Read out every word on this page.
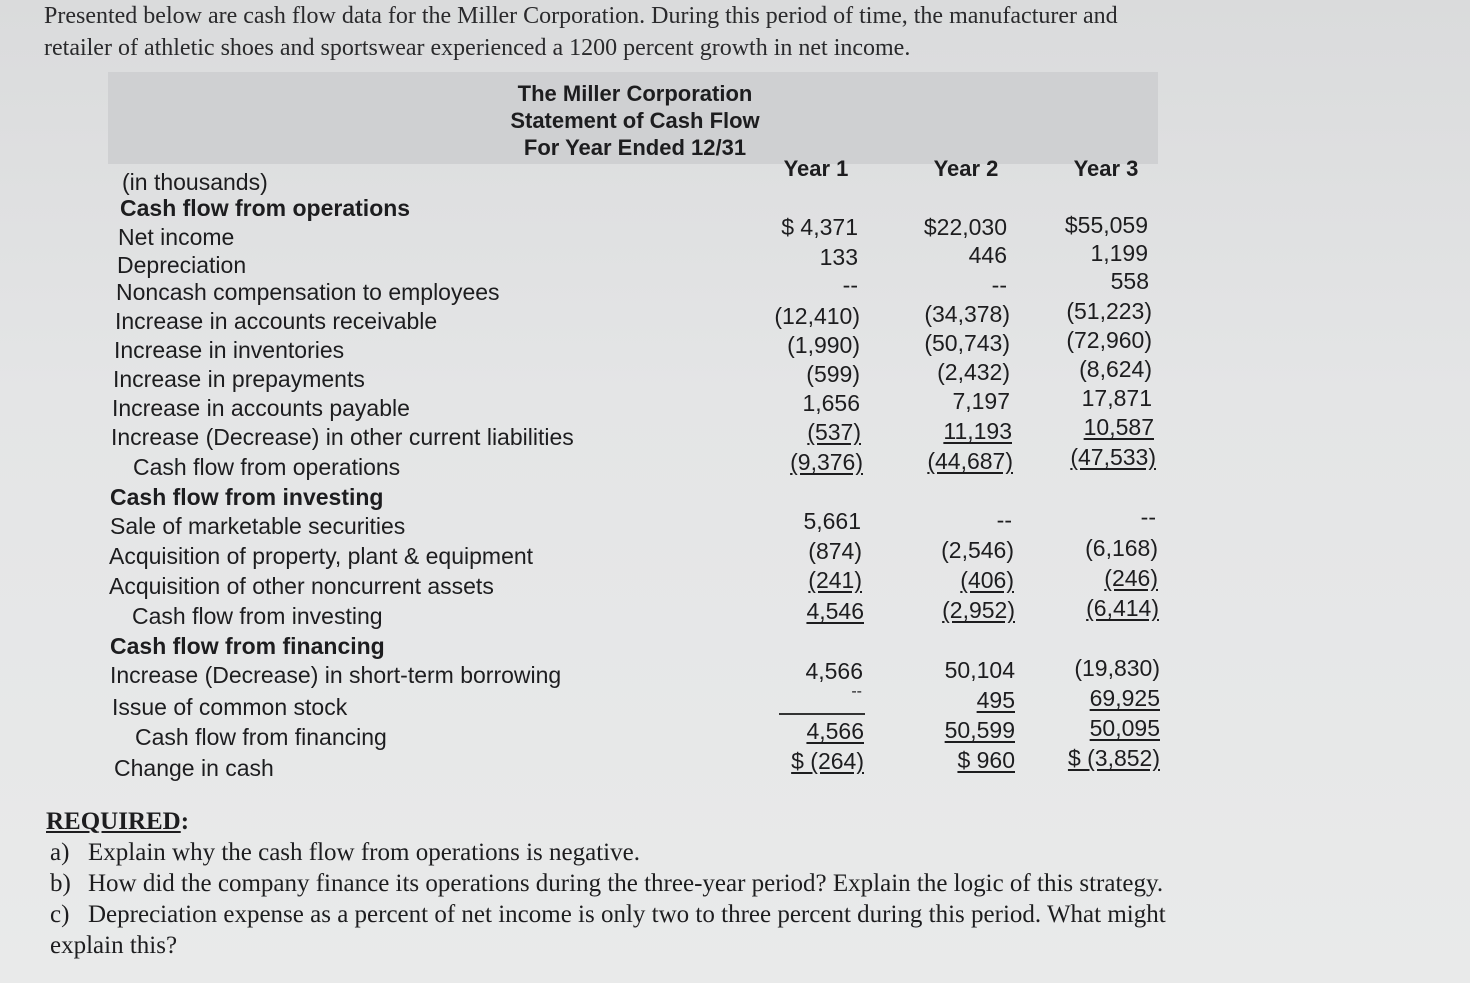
Presented below are cash flow data for the Miller Corporation. During this period of time, the manufacturer and
retailer of athletic shoes and sportswear experienced a 1200 percent growth in net income.
The Miller Corporation
Statement of Cash Flow
For Year Ended 12/31
Year 1	Year 2	Year 3
(in thousands)
Cash flow from operations
Net income
Depreciation
Noncash compensation to employees
Increase in accounts receivable
Increase in inventories
Increase in prepayments
Increase in accounts payable
Increase (Decrease) in other current liabilities
Cash flow from operations
Cash flow from investing
Sale of marketable securities
Acquisition of property, plant & equipment
Acquisition of other noncurrent assets
Cash flow from investing
Cash flow from financing
Increase (Decrease) in short-term borrowing
Issue of common stock
Cash flow from financing
Change in cash
$ 4,371
133
--
(12,410)
(1,990)
(599)
1,656
(537)
(9,376)
5,661
(874)
(241)
4,546
4,566
--
4,566
$ (264)
$22,030
446
--
(34,378)
(50,743)
(2,432)
7,197
11,193
(44,687)
--
(2,546)
(406)
(2,952)
50,104
495
50,599
$ 960
$55,059
1,199
558
(51,223)
(72,960)
(8,624)
17,871
10,587
(47,533)
--
(6,168)
(246)
(6,414)
(19,830)
69,925
50,095
$ (3,852)
REQUIRED:
a) Explain why the cash flow from operations is negative.
b) How did the company finance its operations during the three-year period? Explain the logic of this strategy.
c) Depreciation expense as a percent of net income is only two to three percent during this period. What might
explain this?
